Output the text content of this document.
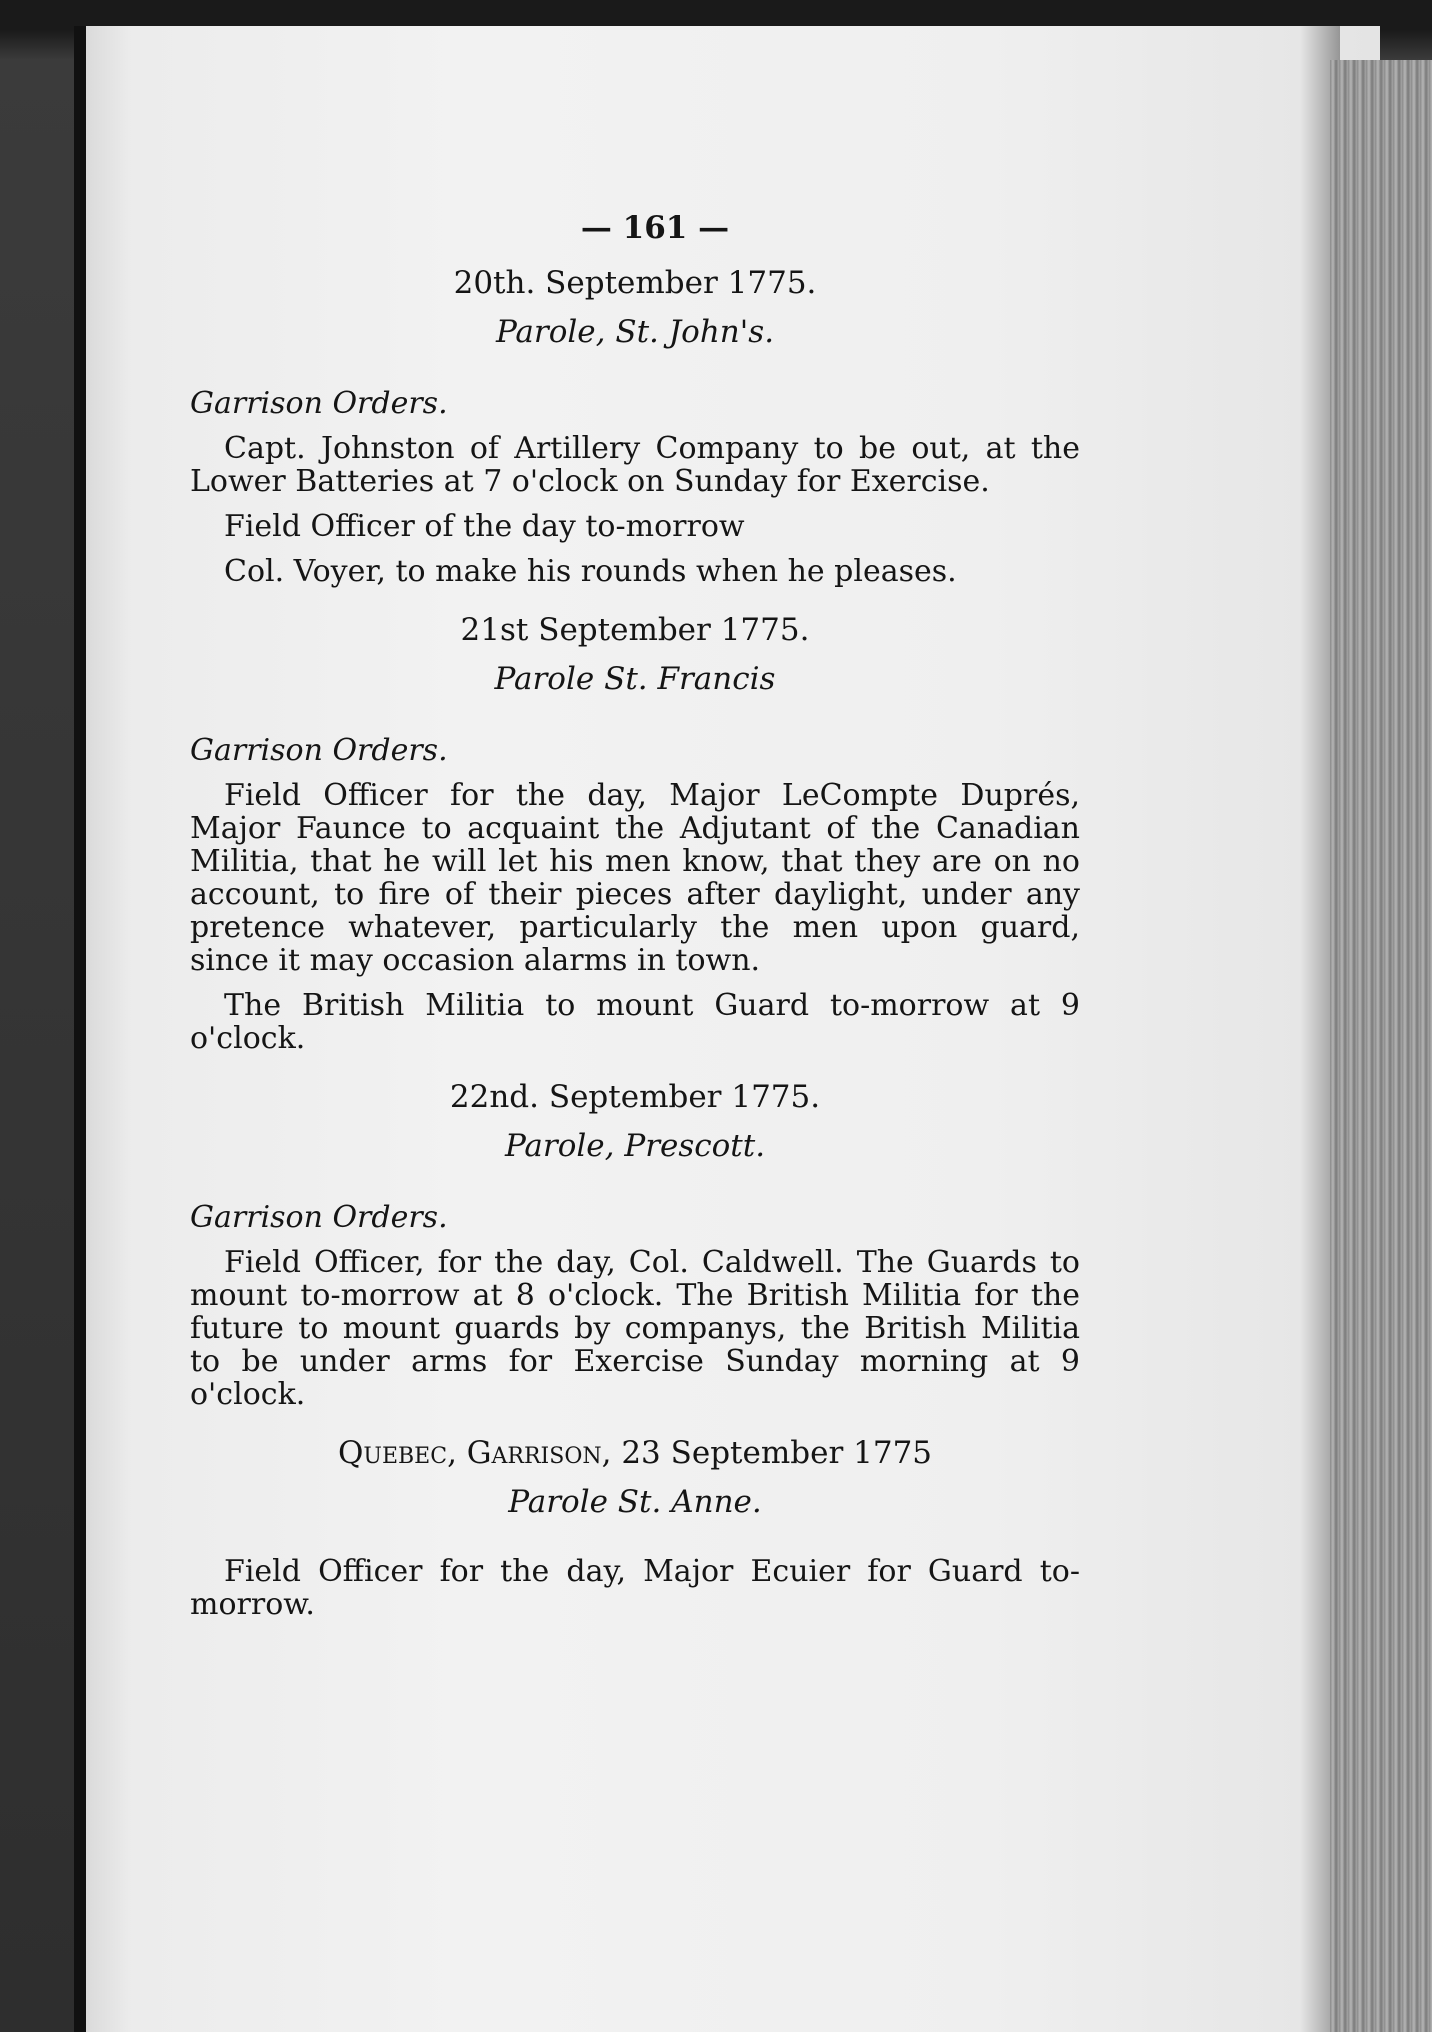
— 161 —

20th. September 1775.

Parole, St. John's.

Garrison Orders.

Capt. Johnston of Artillery Company to be out, at the Lower Batteries at 7 o'clock on Sunday for Exercise.

Field Officer of the day to-morrow

Col. Voyer, to make his rounds when he pleases.

21st September 1775.

Parole St. Francis

Garrison Orders.

Field Officer for the day, Major LeCompte Duprés, Major Faunce to acquaint the Adjutant of the Canadian Militia, that he will let his men know, that they are on no account, to fire of their pieces after daylight, under any pretence whatever, particularly the men upon guard, since it may occasion alarms in town.

The British Militia to mount Guard to-morrow at 9 o'clock.

22nd. September 1775.

Parole, Prescott.

Garrison Orders.

Field Officer, for the day, Col. Caldwell. The Guards to mount to-morrow at 8 o'clock. The British Militia for the future to mount guards by companys, the British Militia to be under arms for Exercise Sunday morning at 9 o'clock.

Quebec, Garrison, 23 September 1775

Parole St. Anne.

Field Officer for the day, Major Ecuier for Guard to-morrow.
